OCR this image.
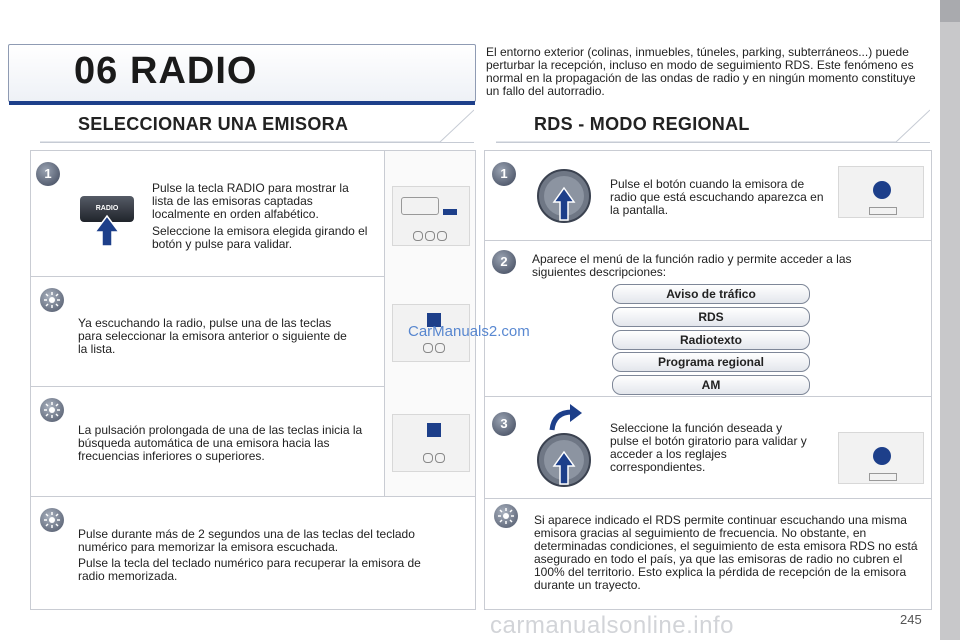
06 RADIO	El entorno exterior (colinas, inmuebles, túneles, parking, subterráneos...) puede perturbar la recepción, incluso en modo de seguimiento RDS. Este fenómeno es normal en la propagación de las ondas de radio y en ningún momento constituye un fallo del autorradio.
SELECCIONAR UNA EMISORA
1
RADIO
Pulse la tecla RADIO para mostrar la lista de las emisoras captadas localmente en orden alfabético.
Seleccione la emisora elegida girando el botón y pulse para validar.
Ya escuchando la radio, pulse una de las teclas para seleccionar la emisora anterior o siguiente de la lista.
La pulsación prolongada de una de las teclas inicia la búsqueda automática de una emisora hacia las frecuencias inferiores o superiores.
Pulse durante más de 2 segundos una de las teclas del teclado numérico para memorizar la emisora escuchada.
Pulse la tecla del teclado numérico para recuperar la emisora de radio memorizada.
RDS - MODO REGIONAL
1
Pulse el botón cuando la emisora de radio que está escuchando aparezca en la pantalla.
2	Aparece el menú de la función radio y permite acceder a las siguientes descripciones:
Aviso de tráfico
RDS
Radiotexto
Programa regional
AM
3	Seleccione la función deseada y pulse el botón giratorio para validar y acceder a los reglajes correspondientes.
Si aparece indicado el RDS permite continuar escuchando una misma emisora gracias al seguimiento de frecuencia. No obstante, en determinadas condiciones, el seguimiento de esta emisora RDS no está asegurado en todo el país, ya que las emisoras de radio no cubren el 100% del territorio. Esto explica la pérdida de recepción de la emisora durante un trayecto.
CarManuals2.com
carmanualsonline.info	245
